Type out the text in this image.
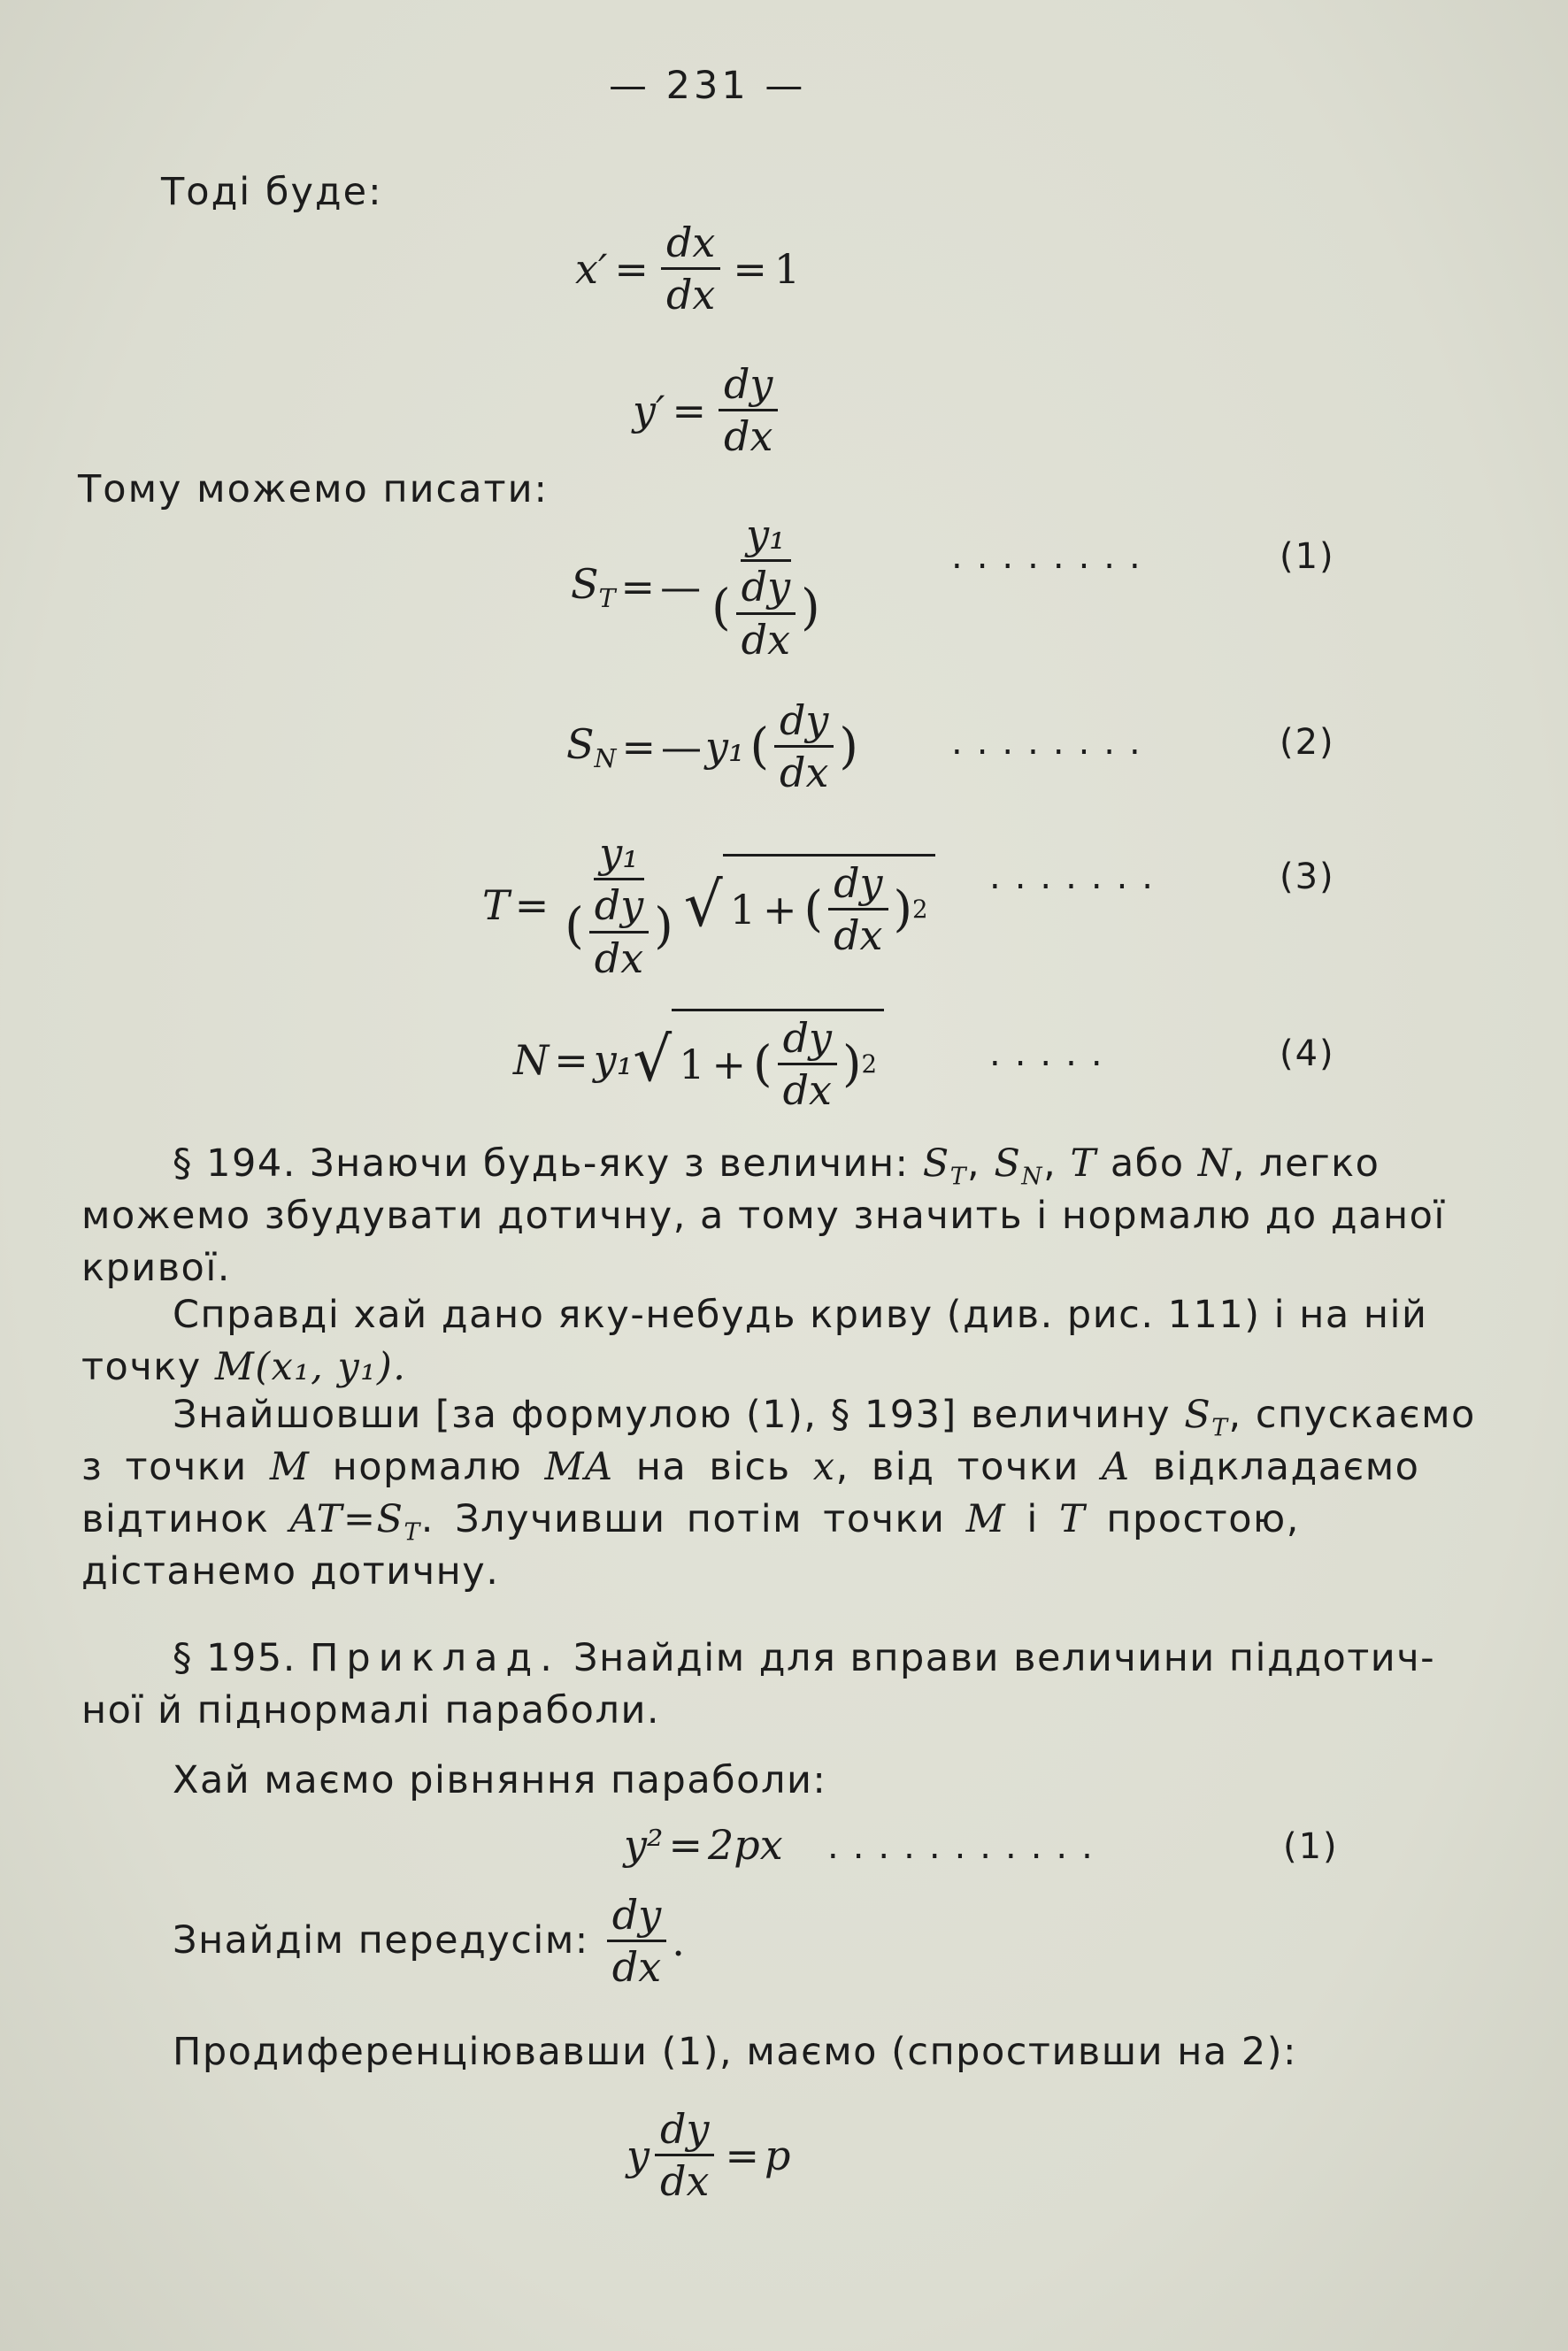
— 231 —
Тоді буде:
$x' = \frac{dx}{dx} = 1$
$y' = \frac{dy}{dx}$
Тому можемо писати:
$S_T$ = — $\frac{\text{y₁}}{( \frac{dy}{dx} )}$	........	(1)
$S_N$ = — y₁ ( $\frac{dy}{dx}$ )	........	(2)
$T = \frac{\text{y₁}}{( \frac{dy}{dx} )}$ √ 1 + ( $\frac{dy}{dx}$ ) 2
.......	(3)
N = y₁ √ 1 + ( $\frac{dy}{dx}$ ) 2	.....	(4)
§ 194. Знаючи будь-яку з величин: $S_T$, $S_N$, T або N, легко
можемо збудувати дотичну, а тому значить і нормалю до даної
кривої.
Справді хай дано яку-небудь криву (див. рис. 111) і на ній
точку M(x₁, y₁).
Знайшовши [за формулою (1), § 193] величину $S_T$, спускаємо
з точки M нормалю MA на вісь x, від точки A відкладаємо
відтинок $AT=S_T$. Злучивши потім точки M і T простою,
дістанемо дотичну.
§ 195. Приклад. Знайдім для вправи величини піддотич-
ної й піднормалі параболи.
Хай маємо рівняння параболи:
y² = 2px ...........	(1)
Знайдім передусім: $\frac{dy}{dx}$ .
Продиференціювавши (1), маємо (спростивши на 2):
y $\frac{dy}{dx} = p$
